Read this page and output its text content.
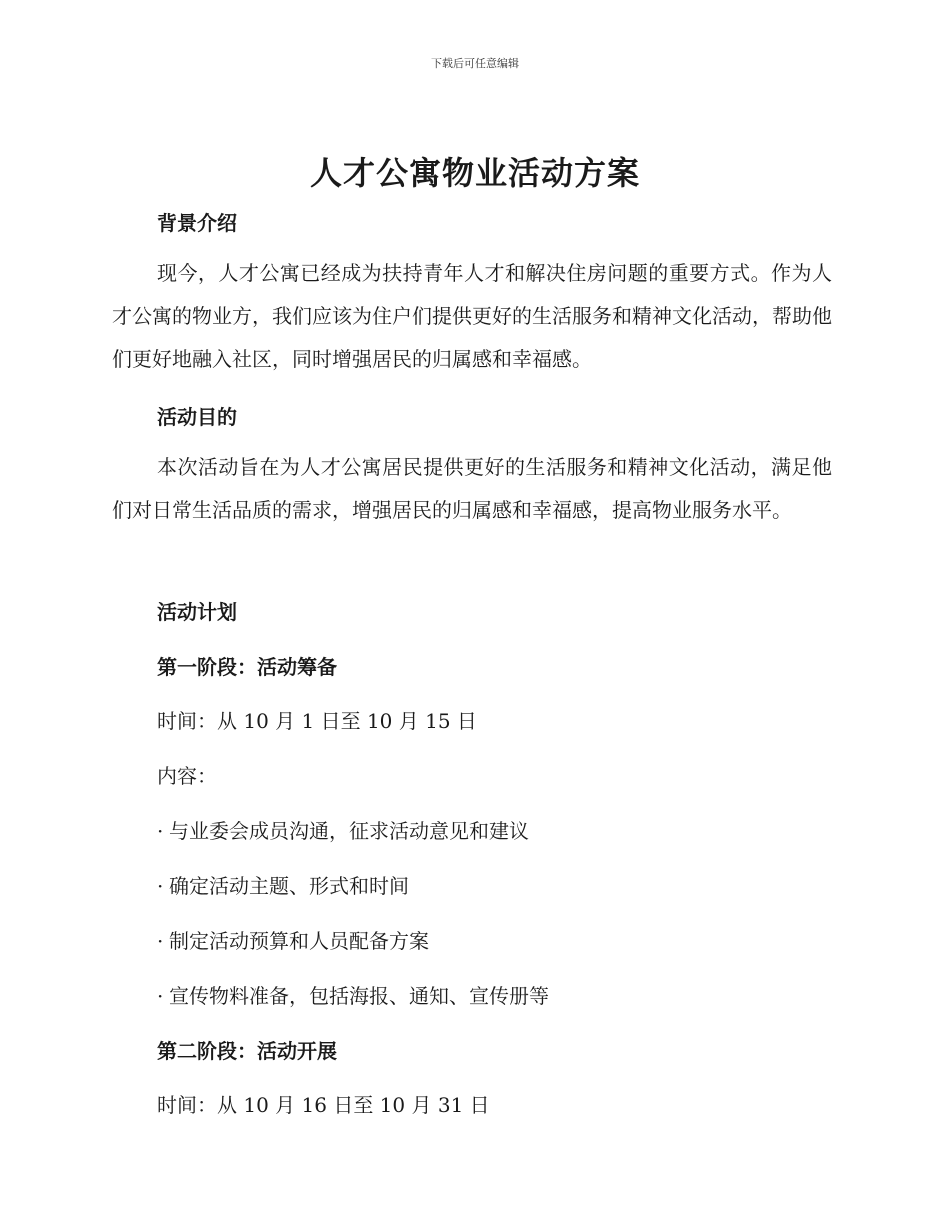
下载后可任意编辑
人才公寓物业活动方案
背景介绍

现今，人才公寓已经成为扶持青年人才和解决住房问题的重要方式。作为人才公寓的物业方，我们应该为住户们提供更好的生活服务和精神文化活动，帮助他们更好地融入社区，同时增强居民的归属感和幸福感。

活动目的

本次活动旨在为人才公寓居民提供更好的生活服务和精神文化活动，满足他们对日常生活品质的需求，增强居民的归属感和幸福感，提高物业服务水平。

活动计划
第一阶段：活动筹备

时间：从 10 月 1 日至 10 月 15 日

内容：

· 与业委会成员沟通，征求活动意见和建议

· 确定活动主题、形式和时间

· 制定活动预算和人员配备方案

· 宣传物料准备，包括海报、通知、宣传册等

第二阶段：活动开展

时间：从 10 月 16 日至 10 月 31 日
